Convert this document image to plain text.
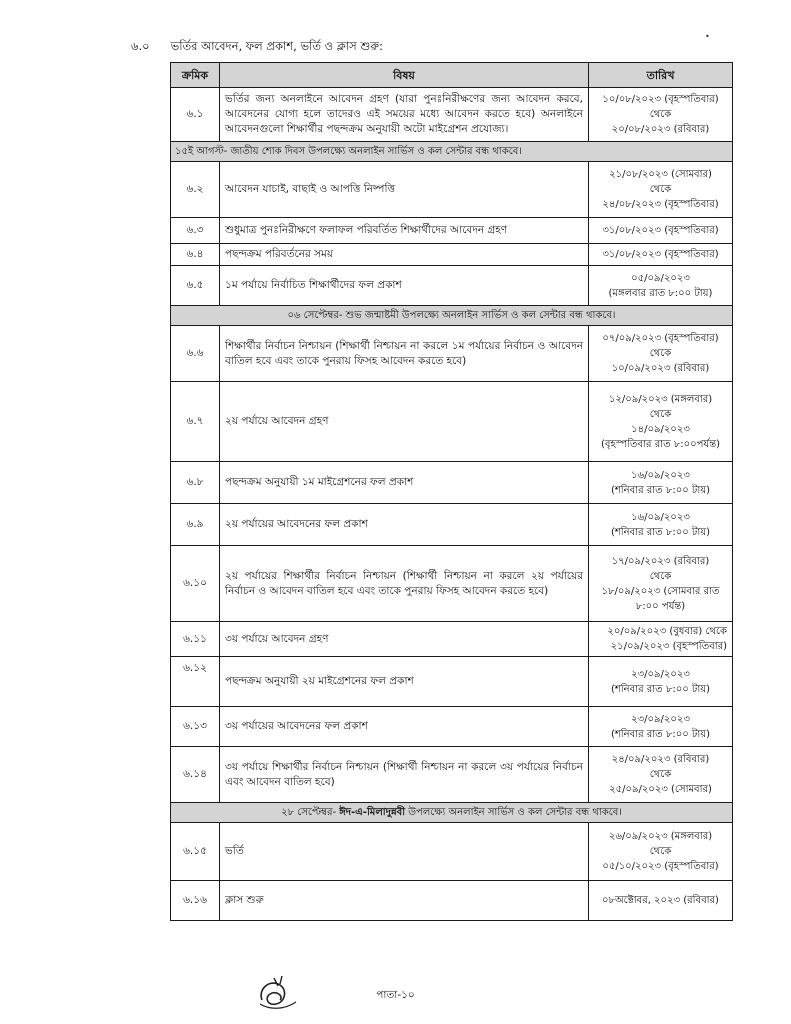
৬.০ ভর্তির আবেদন, ফল প্রকাশ, ভর্তি ও ক্লাস শুরু:
•
ক্রমিক	বিষয়	তারিখ
৬.১	ভর্তির জন্য অনলাইনে আবেদন গ্রহণ (যারা পুনঃনিরীক্ষণের জন্য আবেদন করবে, আবেদনের যোগ্য হলে তাদেরও এই সময়ের মধ্যে আবেদন করতে হবে) অনলাইনে আবেদনগুলো শিক্ষার্থীর পছন্দক্রম অনুযায়ী অটো মাইগ্রেশন প্রযোজ্য।	১০/০৮/২০২৩ (বৃহস্পতিবার)
থেকে
২০/০৮/২০২৩ (রবিবার)

১৫ই আগস্ট- জাতীয় শোক দিবস উপলক্ষ্যে অনলাইন সার্ভিস ও কল সেন্টার বন্ধ থাকবে।		
৬.২	আবেদন যাচাই, বাছাই ও আপত্তি নিষ্পত্তি	২১/০৮/২০২৩ (সোমবার)
থেকে
২৪/০৮/২০২৩ (বৃহস্পতিবার)

৬.৩	শুধুমাত্র পুনঃনিরীক্ষণে ফলাফল পরিবর্তিত শিক্ষার্থীদের আবেদন গ্রহণ	৩১/০৮/২০২৩ (বৃহস্পতিবার)

৬.৪	পছন্দক্রম পরিবর্তনের সময়	৩১/০৮/২০২৩ (বৃহস্পতিবার)

৬.৫	১ম পর্যায়ে নির্বাচিত শিক্ষার্থীদের ফল প্রকাশ	০৫/০৯/২০২৩
(মঙ্গলবার রাত ৮:০০ টায়)

০৬ সেপ্টেম্বর- শুভ জন্মাষ্টমী উপলক্ষ্যে অনলাইন সার্ভিস ও কল সেন্টার বন্ধ থাকবে।		
৬.৬	শিক্ষার্থীর নির্বাচন নিশ্চায়ন (শিক্ষার্থী নিশ্চায়ন না করলে ১ম পর্যায়ের নির্বাচন ও আবেদন বাতিল হবে এবং তাকে পুনরায় ফিসহ আবেদন করতে হবে)	০৭/০৯/২০২৩ (বৃহস্পতিবার)
থেকে
১০/০৯/২০২৩ (রবিবার)

৬.৭	২য় পর্যায়ে আবেদন গ্রহণ	১২/০৯/২০২৩ (মঙ্গলবার)
থেকে
১৪/০৯/২০২৩
(বৃহস্পতিবার রাত ৮:০০পর্যন্ত)

৬.৮	পছন্দক্রম অনুযায়ী ১ম মাইগ্রেশনের ফল প্রকাশ	১৬/০৯/২০২৩
(শনিবার রাত ৮:০০ টায়)

৬.৯	২য় পর্যায়ের আবেদনের ফল প্রকাশ	১৬/০৯/২০২৩
(শনিবার রাত ৮:০০ টায়)

৬.১০	২য় পর্যায়ের শিক্ষার্থীর নির্বাচন নিশ্চায়ন (শিক্ষার্থী নিশ্চায়ন না করলে ২য় পর্যায়ের নির্বাচন ও আবেদন বাতিল হবে এবং তাকে পুনরায় ফিসহ আবেদন করতে হবে)	১৭/০৯/২০২৩ (রবিবার)
থেকে
১৮/০৯/২০২৩ (সোমবার রাত
৮:০০ পর্যন্ত)

৬.১১	৩য় পর্যায়ে আবেদন গ্রহণ	২০/০৯/২০২৩ (বুধবার) থেকে
২১/০৯/২০২৩ (বৃহস্পতিবার)

৬.১২	পছন্দক্রম অনুযায়ী ২য় মাইগ্রেশনের ফল প্রকাশ	২৩/০৯/২০২৩
(শনিবার রাত ৮:০০ টায়)

৬.১৩	৩য় পর্যায়ের আবেদনের ফল প্রকাশ	২৩/০৯/২০২৩
(শনিবার রাত ৮:০০ টায়)

৬.১৪	৩য় পর্যায়ে শিক্ষার্থীর নির্বাচন নিশ্চায়ন (শিক্ষার্থী নিশ্চায়ন না করলে ৩য় পর্যায়ের নির্বাচন এবং আবেদন বাতিল হবে)	২৪/০৯/২০২৩ (রবিবার)
থেকে
২৫/০৯/২০২৩ (সোমবার)

২৮ সেপ্টেম্বর- ঈদ-এ-মিলাদুন্নবী উপলক্ষ্যে অনলাইন সার্ভিস ও কল সেন্টার বন্ধ থাকবে।		
৬.১৫	ভর্তি	২৬/০৯/২০২৩ (মঙ্গলবার)
থেকে
০৫/১০/২০২৩ (বৃহস্পতিবার)

৬.১৬	ক্লাস শুরু	০৮অক্টোবর, ২০২৩ (রবিবার)
পাতা-১০
